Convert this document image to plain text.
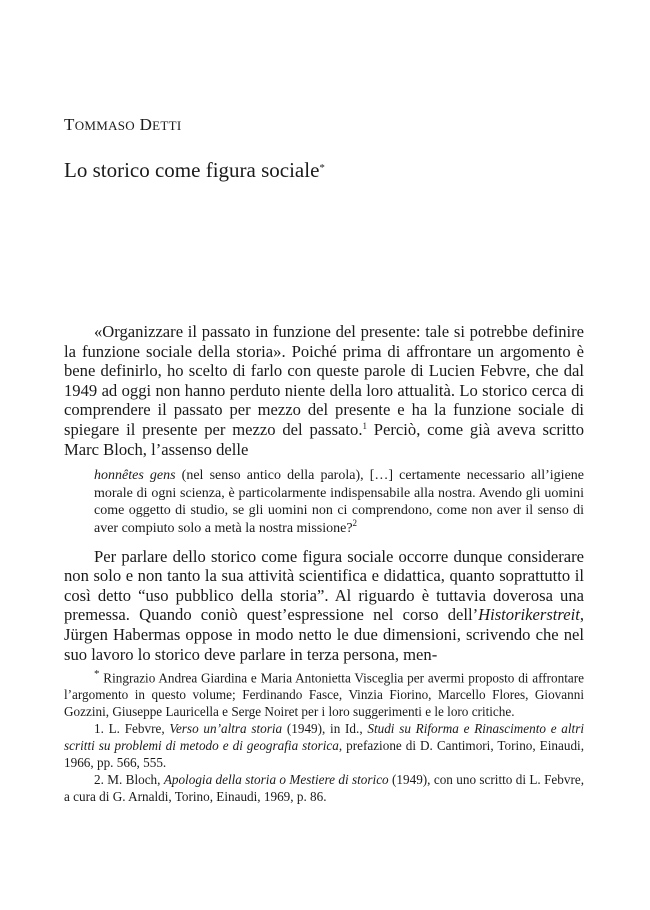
TOMMASO DETTI
Lo storico come figura sociale*

«Organizzare il passato in funzione del presente: tale si potrebbe definire la funzione sociale della storia». Poiché prima di affrontare un argomento è bene definirlo, ho scelto di farlo con queste parole di Lucien Febvre, che dal 1949 ad oggi non hanno perduto niente della loro attualità. Lo storico cerca di comprendere il passato per mezzo del presente e ha la funzione sociale di spiegare il presente per mezzo del passato.$^1$ Perciò, come già aveva scritto Marc Bloch, l’assenso delle

honnêtes gens (nel senso antico della parola), […] certamente necessario all’igiene morale di ogni scienza, è particolarmente indispensabile alla nostra. Avendo gli uomini come oggetto di studio, se gli uomini non ci comprendono, come non aver il senso di aver compiuto solo a metà la nostra missione?$^2$

Per parlare dello storico come figura sociale occorre dunque considerare non solo e non tanto la sua attività scientifica e didattica, quanto soprattutto il così detto “uso pubblico della storia”. Al riguardo è tuttavia doverosa una premessa. Quando coniò quest’espressione nel corso dell’Historikerstreit, Jürgen Habermas oppose in modo netto le due dimensioni, scrivendo che nel suo lavoro lo storico deve parlare in terza persona, men-

* Ringrazio Andrea Giardina e Maria Antonietta Visceglia per avermi proposto di affrontare l’argomento in questo volume; Ferdinando Fasce, Vinzia Fiorino, Marcello Flores, Giovanni Gozzini, Giuseppe Lauricella e Serge Noiret per i loro suggerimenti e le loro critiche.

1. L. Febvre, Verso un’altra storia (1949), in Id., Studi su Riforma e Rinascimento e altri scritti su problemi di metodo e di geografia storica, prefazione di D. Cantimori, Torino, Einaudi, 1966, pp. 566, 555.

2. M. Bloch, Apologia della storia o Mestiere di storico (1949), con uno scritto di L. Febvre, a cura di G. Arnaldi, Torino, Einaudi, 1969, p. 86.
